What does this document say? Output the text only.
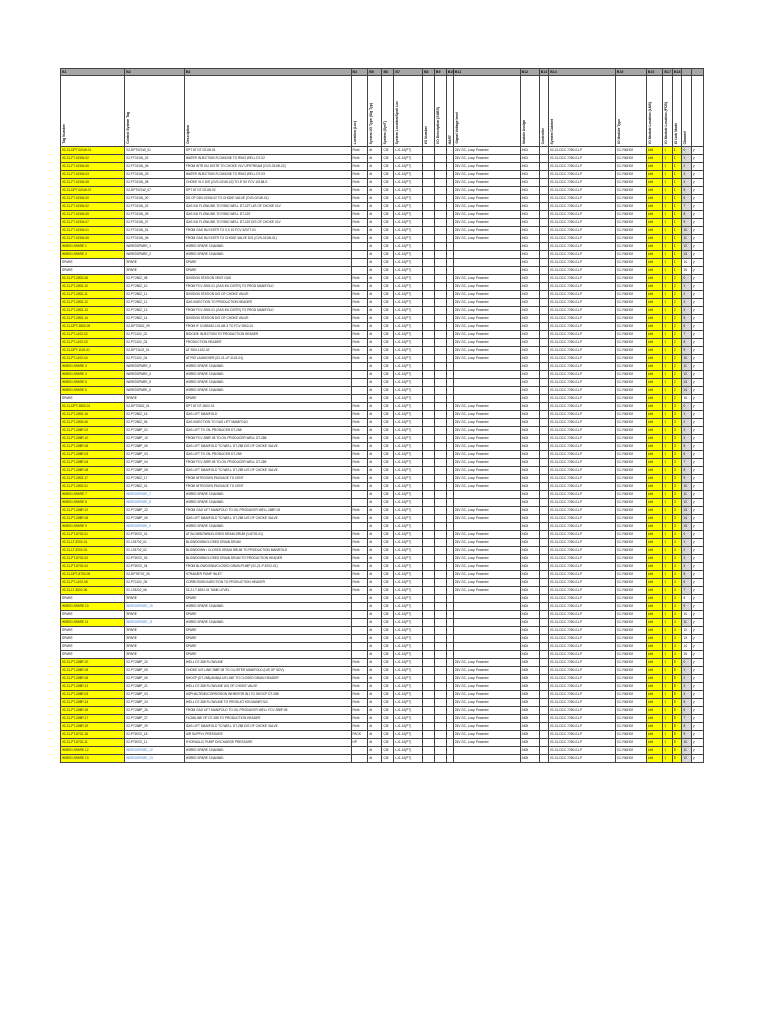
B1	B2	B3	B4	B5	B6	B7	B8	B9	B10	B11	B12	B13	B14	B15	B16	B17	B18		

Tag Number	Control System Tag	Description	Location (Loc)	System I/O Type (Sig Typ)	System (SysT)	System Location/Spoil Loc	I/O Number	I/O Description (SUBS)	HART	Signal Voltage level	Module Assign	Controller	System Cabinet	IO Module Type	IO Module Location (LMS)	IO Module Location (PCB)	IO Link Mode	Channel	

02-21-DPT-021W-01	02-DPT021W_01	DPT AT DT-021W-01	Field	AI	CIE	LJ1-10(PT)				24V DC, Loop Powered	AI01		02-21-DCC-7250-01-P	CC-PAIH02	Left	1	1	0	y
02-21-FT-021W-02	02-FT021W_02	WATER INJECTION FLOWLINE TO RING WELL DT-02	Field	AI	CIE	LJ1-10(PT)				24V DC, Loop Powered	AI01		02-21-DCC-7250-01-P	CC-PAIH02	Left	1	1	1	y
02-21-FT-021W-06	02-FT021W_06	FROM WTR INJ DISTR TO CHOKE VLV UPSTREAM (CVS-021W-02)	Field	AI	CIE	LJ1-10(PT)				24V DC, Loop Powered	AI01		02-21-DCC-7250-01-P	CC-PAIH02	Left	1	1	2	y
02-21-FT-021W-03	02-FT021W_03	WATER INJECTION FLOWLINE TO RING WELL DT-03	Field	AI	CIE	LJ1-10(PT)				24V DC, Loop Powered	AI01		02-21-DCC-7250-01-P	CC-PAIH02	Left	1	1	3	y
02-21-FT-021W-08	02-FT021W_08	CHOKE VLV D/S (CVS-021W-02) TO IF 6X FCV 10158-S	Field	AI	CIE	LJ1-10(PT)				24V DC, Loop Powered	AI01		02-21-DCC-7250-01-P	CC-PAIH02	Left	1	1	4	y
02-21-DPT-021W-07	02-DPT021W_07	DPT AT DT-021W-02	Field	AI	CIE	LJ1-10(PT)				24V DC, Loop Powered	AI01		02-21-DCC-7250-01-P	CC-PAIH02	Left	1	1	5	y
02-21-FT-021W-00	02-FT021W_00	DS OF DDV-021W-02 TO CHOKE VALVE (CVS-021W-01)	Field	AI	CIE	LJ1-10(PT)				24V DC, Loop Powered	AI01		02-21-DCC-7250-01-P	CC-PAIH02	Left	1	1	6	y
02-21-FT-021W-02	02-FT021W_02	GAS INJ FLOWLINE TO RING WELL DT-02T U/S OF CHOKE VLV	Field	AI	CIE	LJ1-10(PT)				24V DC, Loop Powered	AI01		02-21-DCC-7250-01-P	CC-PAIH02	Left	1	1	7	y
02-21-FT-021W-05	02-FT021W_05	GAS INJ FLOWLINE TO RING WELL DT-022	Field	AI	CIE	LJ1-10(PT)				24V DC, Loop Powered	AI01		02-21-DCC-7250-01-P	CC-PAIH02	Left	1	1	8	y
02-21-FT-021W-07	02-FT021W_07	GAS INJ FLOWLINE TO RING WELL DT-022 D/S OF CHOKE VLV	Field	AI	CIE	LJ1-10(PT)				24V DC, Loop Powered	AI01		02-21-DCC-7250-01-P	CC-PAIH02	Left	1	1	9	y
02-21-FT-021W-01	02-FT021W_01	FROM GAS INJ DISTR TO 3 X 10 FCV 32077-01	Field	AI	CIE	LJ1-10(PT)				24V DC, Loop Powered	AI01		02-21-DCC-7250-01-P	CC-PAIH02	Left	1	1	10	y
02-21-FT-021W-06	02-FT021W_06	FROM GAS INJ DISTR TO CHOKE VALVE D/S (CVS-021W-01)	Field	AI	CIE	LJ1-10(PT)				24V DC, Loop Powered	AI01		02-21-DCC-7250-01-P	CC-PAIH02	Left	1	1	11	y
WIRED SPARE 1	WIREDSPARE_1	WIRED SPARE CHANNEL		AI	CIE	LJ1-10(PT)					AI01		02-21-DCC-7250-01-P	CC-PAIH02	Left	1	1	12	y
WIRED SPARE 2	WIREDSPARE_2	WIRED SPARE CHANNEL		AI	CIE	LJ1-10(PT)					AI01		02-21-DCC-7250-01-P	CC-PAIH02	Left	1	1	13	y
SPARE	SPARE	SPARE		AI	CIE	LJ1-10(PT)					AI01		02-21-DCC-7250-01-P	CC-PAIH02	Left	1	1	14	y
SPARE	SPARE	SPARE		AI	CIE	LJ1-10(PT)					AI01		02-21-DCC-7250-01-P	CC-PAIH02	Left	1	1	15	y
02-21-PT-2802-08	02-PT2802_08	DIVISION STATION VENT GAS	Field	AI	CIE	LJ1-10(PT)				24V DC, Loop Powered	AI02		02-21-DCC-7250-01-P	CC-PAIH02	Left	1	2	0	y
02-21-PT-2802-10	02-PT2802_10	FROM FCV 2802-01 (GAS INJ DISTR) TO PROD MANIFOLD	Field	AI	CIE	LJ1-10(PT)				24V DC, Loop Powered	AI02		02-21-DCC-7250-01-P	CC-PAIH02	Left	1	2	1	y
02-21-PT-2802-11	02-PT2802_11	DIVISION STATION U/S OF CHOKE VALVE	Field	AI	CIE	LJ1-10(PT)				24V DC, Loop Powered	AI02		02-21-DCC-7250-01-P	CC-PAIH02	Left	1	2	2	y
02-21-PT-2802-12	02-PT2802_12	GAS INJECTION TO PRODUCTION HEADER	Field	AI	CIE	LJ1-10(PT)				24V DC, Loop Powered	AI02		02-21-DCC-7250-01-P	CC-PAIH02	Left	1	2	3	y
02-21-PT-2802-13	02-PT2802_13	FROM FCV 2802-01 (GAS INJ DISTR) TO PROD MANIFOLD	Field	AI	CIE	LJ1-10(PT)				24V DC, Loop Powered	AI02		02-21-DCC-7250-01-P	CC-PAIH02	Left	1	2	4	y
02-21-PT-2802-14	02-PT2802_14	DIVISION STATION D/S OF CHOKE VALVE	Field	AI	CIE	LJ1-10(PT)				24V DC, Loop Powered	AI02		02-21-DCC-7250-01-P	CC-PAIH02	Left	1	2	5	y
02-21-DPT-2802-09	02-DPT2802_09	FROM IF 10-BB182-101 AB-3 TO FCV 2802-01	Field	AI	CIE	LJ1-10(PT)				24V DC, Loop Powered	AI02		02-21-DCC-7250-01-P	CC-PAIH02	Left	1	2	6	y
02-21-PT-1102-02	02-PT1102_02	BIOCIDE INJECTION TO PRODUCTION HEADER	Field	AI	CIE	LJ1-10(PT)				24V DC, Loop Powered	AI02		02-21-DCC-7250-01-P	CC-PAIH02	Left	1	2	7	y
02-21-PT-1102-03	02-PT1102_03	PRODUCTION HEADER	Field	AI	CIE	LJ1-10(PT)				24V DC, Loop Powered	AI02		02-21-DCC-7250-01-P	CC-PAIH02	Left	1	2	8	y
02-21-DPT-1102-01	02-DPT1102_01	AT SDV-1102-02	Field	AI	CIE	LJ1-10(PT)				24V DC, Loop Powered	AI02		02-21-DCC-7250-01-P	CC-PAIH02	Left	1	2	9	y
02-21-PT-1102-04	02-PT1102_04	AT PIG LAUNCHER (02-21-LP-1102-01)	Field	AI	CIE	LJ1-10(PT)				24V DC, Loop Powered	AI02		02-21-DCC-7250-01-P	CC-PAIH02	Left	1	2	10	y
WIRED SPARE 3	WIREDSPARE_3	WIRED SPARE CHANNEL		AI	CIE	LJ1-10(PT)					AI02		02-21-DCC-7250-01-P	CC-PAIH02	Left	1	2	11	y
WIRED SPARE 4	WIREDSPARE_4	WIRED SPARE CHANNEL		AI	CIE	LJ1-10(PT)					AI02		02-21-DCC-7250-01-P	CC-PAIH02	Left	1	2	12	y
WIRED SPARE 5	WIREDSPARE_5	WIRED SPARE CHANNEL		AI	CIE	LJ1-10(PT)					AI02		02-21-DCC-7250-01-P	CC-PAIH02	Left	1	2	13	y
WIRED SPARE 6	WIREDSPARE_6	WIRED SPARE CHANNEL		AI	CIE	LJ1-10(PT)					AI02		02-21-DCC-7250-01-P	CC-PAIH02	Left	1	2	14	y
SPARE	SPARE	SPARE		AI	CIE	LJ1-10(PT)					AI02		02-21-DCC-7250-01-P	CC-PAIH02	Left	1	2	15	y
02-21-DPT-2802-01	02-DPT2802_01	DPT AT DT-2802-01	Field	AI	CIE	LJ1-10(PT)				24V DC, Loop Powered	AI03		02-21-DCC-7250-01-P	CC-PAIH02	Left	1	3	0	y
02-21-PT-2802-16	02-PT2802_16	GAS LIFT MANIFOLD	Field	AI	CIE	LJ1-10(PT)				24V DC, Loop Powered	AI03		02-21-DCC-7250-01-P	CC-PAIH02	Left	1	3	1	y
02-21-PT-2802-06	02-PT2802_06	GAS INJECTION TO GAS LIFT MANIFOLD	Field	AI	CIE	LJ1-10(PT)				24V DC, Loop Powered	AI03		02-21-DCC-7250-01-P	CC-PAIH02	Left	1	3	2	y
02-21-PT-288P-02	02-PT288P_02	GAS LIFT TO OIL PRODUCER DT-288	Field	AI	CIE	LJ1-10(PT)				24V DC, Loop Powered	AI03		02-21-DCC-7250-01-P	CC-PAIH02	Left	1	3	3	y
02-21-PT-288P-10	02-PT288P_10	FROM FCV 288P-05 TO OIL PRODUCER WELL DT-288	Field	AI	CIE	LJ1-10(PT)				24V DC, Loop Powered	AI03		02-21-DCC-7250-01-P	CC-PAIH02	Left	1	3	4	y
02-21-PT-288P-06	02-PT288P_06	GAS LIFT MANIFOLD TO WELL DT-288 D/S OF CHOKE VALVE	Field	AI	CIE	LJ1-10(PT)				24V DC, Loop Powered	AI03		02-21-DCC-7250-01-P	CC-PAIH02	Left	1	3	5	y
02-21-PT-288P-03	02-PT288P_03	GAS LIFT TO OIL PRODUCER DT-289	Field	AI	CIE	LJ1-10(PT)				24V DC, Loop Powered	AI03		02-21-DCC-7250-01-P	CC-PAIH02	Left	1	3	6	y
02-21-PT-288P-04	02-PT288P_04	FROM FCV 289P-05 TO OIL PRODUCER WELL DT-289	Field	AI	CIE	LJ1-10(PT)				24V DC, Loop Powered	AI03		02-21-DCC-7250-01-P	CC-PAIH02	Left	1	3	7	y
02-21-PT-288P-08	02-PT288P_08	GAS LIFT MANIFOLD TO WELL DT-289 U/S OF CHOKE VALVE	Field	AI	CIE	LJ1-10(PT)				24V DC, Loop Powered	AI03		02-21-DCC-7250-01-P	CC-PAIH02	Left	1	3	8	y
02-21-PT-2802-17	02-PT2802_17	FROM NITROGEN PACKAGE TO VENT	Field	AI	CIE	LJ1-10(PT)				24V DC, Loop Powered	AI03		02-21-DCC-7250-01-P	CC-PAIH02	Left	1	3	9	y
02-21-PT-2802-01	02-PT2802_01	FROM NITROGEN PACKAGE TO VENT	Field	AI	CIE	LJ1-10(PT)				24V DC, Loop Powered	AI03		02-21-DCC-7250-01-P	CC-PAIH02	Left	1	3	10	y
WIRED SPARE 7	WIREDSPARE_7	WIRED SPARE CHANNEL		AI	CIE	LJ1-10(PT)					AI03		02-21-DCC-7250-01-P	CC-PAIH02	Left	1	3	11	y
WIRED SPARE 8	WIREDSPARE_8	WIRED SPARE CHANNEL		AI	CIE	LJ1-10(PT)					AI03		02-21-DCC-7250-01-P	CC-PAIH02	Left	1	3	12	y
02-21-PT-288P-22	02-PT288P_22	FROM GAS LIFT MANIFOLD TO OIL PRODUCER WELL 288P-03	Field	AI	CIE	LJ1-10(PT)				24V DC, Loop Powered	AI03		02-21-DCC-7250-01-P	CC-PAIH02	Left	1	3	13	y
02-21-PT-288P-06	02-PT288P_06	GAS LIFT MANIFOLD TO WELL DT-288 U/S OF CHOKE VALVE	Field	AI	CIE	LJ1-10(PT)				24V DC, Loop Powered	AI03		02-21-DCC-7250-01-P	CC-PAIH02	Left	1	3	14	y
WIRED SPARE 9	WIREDSPARE_9	WIRED SPARE CHANNEL		AI	CIE	LJ1-10(PT)					AI03		02-21-DCC-7250-01-P	CC-PAIH02	Left	1	3	15	y
02-21-PT-8702-01	02-PT8702_01	AT BLOWDOWN/CLOSED DRAIN DRUM (V-8702-01)	Field	AI	CIE	LJ1-10(PT)				24V DC, Loop Powered	AI04		02-21-DCC-7250-01-P	CC-PAIH02	Left	1	4	0	y
02-21-LT-8702-01	02-LT8702_01	BLOWDOWN/CLOSED DRAIN DRUM	Field	AI	CIE	LJ1-10(PT)				24V DC, Loop Powered	AI04		02-21-DCC-7250-01-P	CC-PAIH02	Left	1	4	1	y
02-21-LT-8702-02	02-LT8702_02	BLOWDOWN / CLOSED DRAIN DRUM TO PRODUCTION MANIFOLD	Field	AI	CIE	LJ1-10(PT)				24V DC, Loop Powered	AI04		02-21-DCC-7250-01-P	CC-PAIH02	Left	1	4	2	y
02-21-PT-8702-03	02-PT8702_03	BLOWDOWN/CLOSED DRAIN DRUM TO PRODUCTION HEADER	Field	AI	CIE	LJ1-10(PT)				24V DC, Loop Powered	AI04		02-21-DCC-7250-01-P	CC-PAIH02	Left	1	4	3	y
02-21-PT-8702-04	02-PT8702_04	FROM BLOWDOWN/CLOSED DRAIN PUMP (02-21-P-8702-01)	Field	AI	CIE	LJ1-10(PT)				24V DC, Loop Powered	AI04		02-21-DCC-7250-01-P	CC-PAIH02	Left	1	4	4	y
02-21-DPT-8702-05	02-DPT8702_05	STRAINER PUMP INLET	Field	AI	CIE	LJ1-10(PT)				24V DC, Loop Powered	AI04		02-21-DCC-7250-01-P	CC-PAIH02	Left	1	4	5	y
02-21-PT-1102-05	02-PT1102_05	CORROSION INJECTION TO PRODUCTION HEADER	Field	AI	CIE	LJ1-10(PT)				24V DC, Loop Powered	AI04		02-21-DCC-7250-01-P	CC-PAIH02	Left	1	4	6	y
02-21-LT-8202-06	02-LT8202_06	02-21-T-8202-01 TANK LEVEL	Field	AI	CIE	LJ1-10(PT)				24V DC, Loop Powered	AI04		02-21-DCC-7250-01-P	CC-PAIH02	Left	1	4	7	y
SPARE	SPARE	SPARE		AI	CIE	LJ1-10(PT)					AI04		02-21-DCC-7250-01-P	CC-PAIH02	Left	1	4	8	y
WIRED SPARE 10	WIREDSPARE_10	WIRED SPARE CHANNEL		AI	CIE	LJ1-10(PT)					AI04		02-21-DCC-7250-01-P	CC-PAIH02	Left	1	4	9	y
SPARE	SPARE	SPARE		AI	CIE	LJ1-10(PT)					AI04		02-21-DCC-7250-01-P	CC-PAIH02	Left	1	4	10	y
WIRED SPARE 11	WIREDSPARE_11	WIRED SPARE CHANNEL		AI	CIE	LJ1-10(PT)					AI04		02-21-DCC-7250-01-P	CC-PAIH02	Left	1	4	11	y
SPARE	SPARE	SPARE		AI	CIE	LJ1-10(PT)					AI04		02-21-DCC-7250-01-P	CC-PAIH02	Left	1	4	12	y
SPARE	SPARE	SPARE		AI	CIE	LJ1-10(PT)					AI04		02-21-DCC-7250-01-P	CC-PAIH02	Left	1	4	13	y
SPARE	SPARE	SPARE		AI	CIE	LJ1-10(PT)					AI04		02-21-DCC-7250-01-P	CC-PAIH02	Left	1	4	14	y
SPARE	SPARE	SPARE		AI	CIE	LJ1-10(PT)					AI04		02-21-DCC-7250-01-P	CC-PAIH02	Left	1	4	15	y
02-21-PT-288P-20	02-PT288P_20	WELL DT-288 FLOWLINE	Field	AI	CIE	LJ1-10(PT)				24V DC, Loop Powered	AI05		02-21-DCC-7250-01-P	CC-PAIH02	Left	1	5	0	y
02-21-PT-288P-05	02-PT288P_05	CHOKE U/S LINE 288P-05 TO CLUSTER MANIFOLD (UIS OF SDV)	Field	AI	CIE	LJ1-10(PT)				24V DC, Loop Powered	AI05		02-21-DCC-7250-01-P	CC-PAIH02	Left	1	5	1	y
02-21-PT-288P-06	02-PT288P_06	SHOCP (DT-288) ANNULUS LINE TO CLOSED DRAIN HEADER	Field	AI	CIE	LJ1-10(PT)				24V DC, Loop Powered	AI05		02-21-DCC-7250-01-P	CC-PAIH02	Left	1	5	2	y
02-21-PT-288P-21	02-PT288P_21	WELL DT-288 FLOWLINE U/S OF CHOKE VALVE	Field	AI	CIE	LJ1-10(PT)				24V DC, Loop Powered	AI05		02-21-DCC-7250-01-P	CC-PAIH02	Left	1	5	3	y
02-21-PT-288P-03	02-PT288P_03	ASPHALTENE/CORROSION INHIBITOR INJ TO SHOCP DT-288	Field	AI	CIE	LJ1-10(PT)				24V DC, Loop Powered	AI05		02-21-DCC-7250-01-P	CC-PAIH02	Left	1	5	4	y
02-21-PT-288P-24	02-PT288P_24	WELL DT-288 FLOWLINE TO PRODUCTION MANIFOLD	Field	AI	CIE	LJ1-10(PT)				24V DC, Loop Powered	AI05		02-21-DCC-7250-01-P	CC-PAIH02	Left	1	5	5	y
02-21-PT-288P-26	02-PT288P_26	FROM GAS LIFT MANIFOLD TO OIL PRODUCER WELL FCV 288P-05	Field	AI	CIE	LJ1-10(PT)				24V DC, Loop Powered	AI05		02-21-DCC-7250-01-P	CC-PAIH02	Left	1	5	6	y
02-21-PT-288P-27	02-PT288P_27	FLOWLINE OF DT-288 TO PRODUCTION HEADER	Field	AI	CIE	LJ1-10(PT)				24V DC, Loop Powered	AI05		02-21-DCC-7250-01-P	CC-PAIH02	Left	1	5	7	y
02-21-PT-288P-29	02-PT288P_29	GAS LIFT MANIFOLD TO WELL DT-288 D/S OF CHOKE VALVE	Field	AI	CIE	LJ1-10(PT)				24V DC, Loop Powered	AI05		02-21-DCC-7250-01-P	CC-PAIH02	Left	1	5	8	y
02-21-PT-8702-18	02-PT8702_18	AIR SUPPLY PRESSURE	PACK	AI	CIE	LJ1-10(PT)				24V DC, Loop Powered	AI05		02-21-DCC-7250-01-P	CC-PAIH02	Left	1	5	9	y
02-21-PT-8702-11	02-PT8702_11	HYDRAULIC PUMP DISCHARGE PRESSURE	HP	AI	CIE	LJ1-10(PT)				24V DC, Loop Powered	AI05		02-21-DCC-7250-01-P	CC-PAIH02	Left	1	5	10	y
WIRED SPARE 12	WIREDSPARE_12	WIRED SPARE CHANNEL		AI	CIE	LJ1-10(PT)					AI05		02-21-DCC-7250-01-P	CC-PAIH02	Left	1	5	11	y
WIRED SPARE 13	WIREDSPARE_13	WIRED SPARE CHANNEL		AI	CIE	LJ1-10(PT)					AI05		02-21-DCC-7250-01-P	CC-PAIH02	Left	1	5	12	y
